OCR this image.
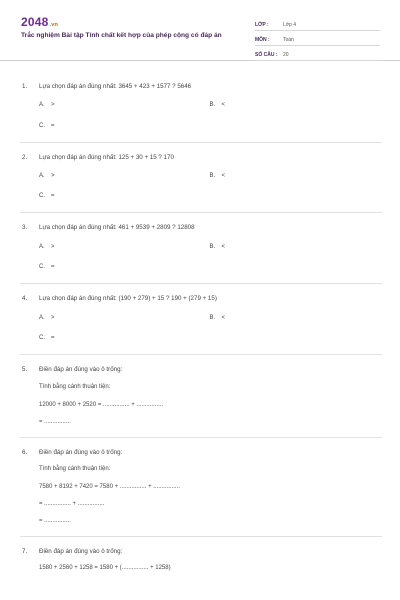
2048.vn
Trắc nghiệm Bài tập Tính chất kết hợp của phép cộng có đáp án
LỚP :	Lớp 4
MÔN :	Toán
SỐ CÂU :	20
1.	Lựa chọn đáp án đúng nhất: 3645 + 423 + 1577 ? 5646
A.	>	B.	<
C.	=
2.	Lựa chọn đáp án đúng nhất: 125 + 30 + 15 ? 170
A.	>	B.	<
C.	=
3.	Lựa chọn đáp án đúng nhất: 461 + 9539 + 2809 ? 12808
A.	>	B.	<
C.	=
4.	Lựa chọn đáp án đúng nhất: (190 + 279) + 15 ? 190 + (279 + 15)
A.	>	B.	<
C.	=
5.	Điền đáp án đúng vào ô trống:
Tính bằng cánh thuận tiện:
12000 + 8000 + 2520 = ................ + ................
= ................
6.	Điền đáp án đúng vào ô trống:
Tính bằng cánh thuận tiện:
7580 + 8192 + 7420 = 7580 + ................ + ................
= ................ + ................
= ................
7.	Điền đáp án đúng vào ô trống:
1580 + 2560 + 1258 = 1580 + (................ + 1258)
